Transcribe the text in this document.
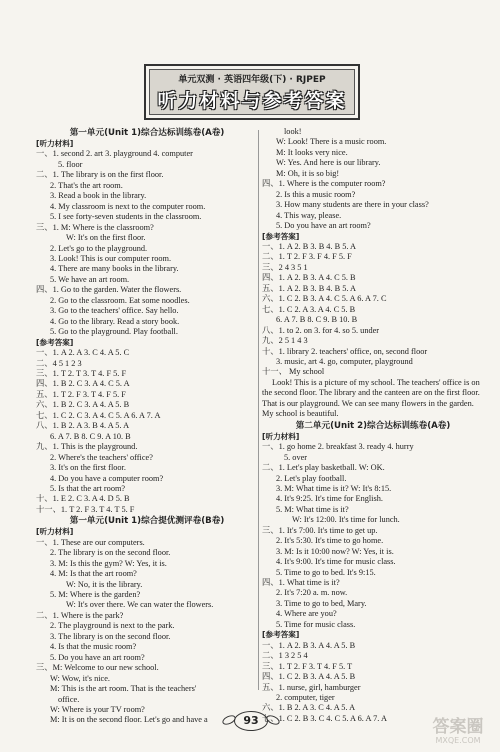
单元双测 · 英语四年级(下) · RJPEP
听力材料与参考答案
第一单元(Unit 1)综合达标训练卷(A卷)
[听力材料]
一、1. second 2. art 3. playground 4. computer
5. floor
二、1. The library is on the first floor.
2. That's the art room.
3. Read a book in the library.
4. My classroom is next to the computer room.
5. I see forty-seven students in the classroom.
三、1. M: Where is the classroom?
W: It's on the first floor.
2. Let's go to the playground.
3. Look! This is our computer room.
4. There are many books in the library.
5. We have an art room.
四、1. Go to the garden. Water the flowers.
2. Go to the classroom. Eat some noodles.
3. Go to the teachers' office. Say hello.
4. Go to the library. Read a story book.
5. Go to the playground. Play football.
[参考答案]
一、1. A 2. A 3. C 4. A 5. C
二、4 5 1 2 3
三、1. T 2. T 3. T 4. F 5. F
四、1. B 2. C 3. A 4. C 5. A
五、1. T 2. F 3. T 4. F 5. F
六、1. B 2. C 3. A 4. A 5. B
七、1. C 2. C 3. A 4. C 5. A 6. A 7. A
八、1. B 2. A 3. B 4. A 5. A
6. A 7. B 8. C 9. A 10. B
九、1. This is the playground.
2. Where's the teachers' office?
3. It's on the first floor.
4. Do you have a computer room?
5. Is that the art room?
十、1. E 2. C 3. A 4. D 5. B
十一、1. T 2. F 3. T 4. T 5. F
第一单元(Unit 1)综合提优测评卷(B卷)
[听力材料]
一、1. These are our computers.
2. The library is on the second floor.
3. M: Is this the gym? W: Yes, it is.
4. M: Is that the art room?
W: No, it is the library.
5. M: Where is the garden?
W: It's over there. We can water the flowers.
二、1. Where is the park?
2. The playground is next to the park.
3. The library is on the second floor.
4. Is that the music room?
5. Do you have an art room?
三、M: Welcome to our new school.
W: Wow, it's nice.
M: This is the art room. That is the teachers'
office.
W: Where is your TV room?
M: It is on the second floor. Let's go and have a
look!
W: Look! There is a music room.
M: It looks very nice.
W: Yes. And here is our library.
M: Oh, it is so big!
四、1. Where is the computer room?
2. Is this a music room?
3. How many students are there in your class?
4. This way, please.
5. Do you have an art room?
[参考答案]
一、1. A 2. B 3. B 4. B 5. A
二、1. T 2. F 3. F 4. F 5. F
三、2 4 3 5 1
四、1. A 2. B 3. A 4. C 5. B
五、1. A 2. B 3. B 4. B 5. A
六、1. C 2. B 3. A 4. C 5. A 6. A 7. C
七、1. C 2. A 3. A 4. C 5. B
6. A 7. B 8. C 9. B 10. B
八、1. to 2. on 3. for 4. so 5. under
九、2 5 1 4 3
十、1. library 2. teachers' office, on, second floor
3. music, art 4. go, computer, playground
十一、 My school
Look! This is a picture of my school. The teachers' office is on the second floor. The library and the canteen are on the first floor. That is our playground. We can see many flowers in the garden. My school is beautiful.
第二单元(Unit 2)综合达标训练卷(A卷)
[听力材料]
一、1. go home 2. breakfast 3. ready 4. hurry
5. over
二、1. Let's play basketball. W: OK.
2. Let's play football.
3. M: What time is it? W: It's 8:15.
4. It's 9:25. It's time for English.
5. M: What time is it?
W: It's 12:00. It's time for lunch.
三、1. It's 7:00. It's time to get up.
2. It's 5:30. It's time to go home.
3. M: Is it 10:00 now? W: Yes, it is.
4. It's 9:00. It's time for music class.
5. Time to go to bed. It's 9:15.
四、1. What time is it?
2. It's 7:20 a. m. now.
3. Time to go to bed, Mary.
4. Where are you?
5. Time for music class.
[参考答案]
一、1. A 2. B 3. A 4. A 5. B
二、1 3 2 5 4
三、1. T 2. F 3. T 4. F 5. T
四、1. C 2. B 3. A 4. A 5. B
五、1. nurse, girl, hamburger
2. computer, tiger
六、1. B 2. A 3. C 4. A 5. A
七、1. C 2. B 3. C 4. C 5. A 6. A 7. A
93	答案圈
MXQE.COM
